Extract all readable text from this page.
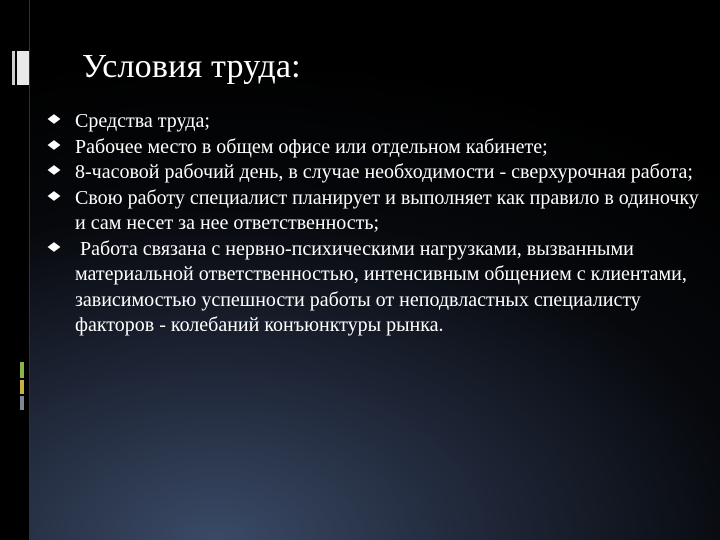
Условия труда:
Средства труда;
Рабочее место в общем офисе или отдельном кабинете;
8-часовой рабочий день, в случае необходимости - сверхурочная работа;
Свою работу специалист планирует и выполняет как правило в одиночку и сам несет за нее ответственность;
Работа связана с нервно-психическими нагрузками, вызванными материальной ответственностью, интенсивным общением с клиентами, зависимостью успешности работы от неподвластных специалисту факторов - колебаний конъюнктуры рынка.
